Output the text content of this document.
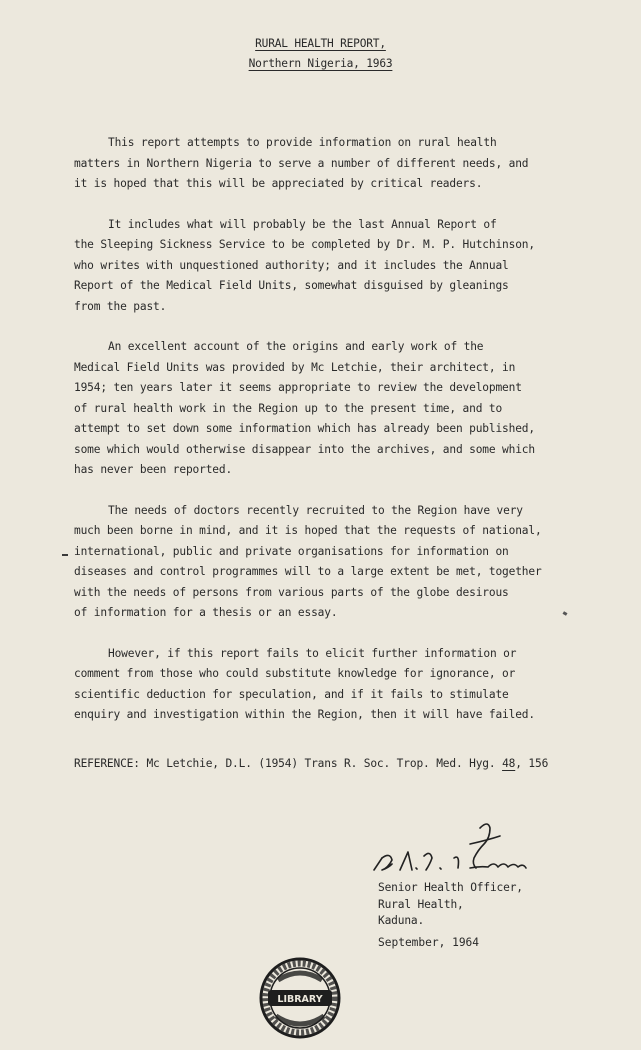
RURAL HEALTH REPORT,
Northern Nigeria, 1963
This report attempts to provide information on rural health
matters in Northern Nigeria to serve a number of different needs, and
it is hoped that this will be appreciated by critical readers.
It includes what will probably be the last Annual Report of
the Sleeping Sickness Service to be completed by Dr. M. P. Hutchinson,
who writes with unquestioned authority; and it includes the Annual
Report of the Medical Field Units, somewhat disguised by gleanings
from the past.
An excellent account of the origins and early work of the
Medical Field Units was provided by Mc Letchie, their architect, in
1954; ten years later it seems appropriate to review the development
of rural health work in the Region up to the present time, and to
attempt to set down some information which has already been published,
some which would otherwise disappear into the archives, and some which
has never been reported.
The needs of doctors recently recruited to the Region have very
much been borne in mind, and it is hoped that the requests of national,
international, public and private organisations for information on
diseases and control programmes will to a large extent be met, together
with the needs of persons from various parts of the globe desirous
of information for a thesis or an essay.
However, if this report fails to elicit further information or
comment from those who could substitute knowledge for ignorance, or
scientific deduction for speculation, and if it fails to stimulate
enquiry and investigation within the Region, then it will have failed.
REFERENCE: Mc Letchie, D.L. (1954) Trans R. Soc. Trop. Med. Hyg. 48, 156
Senior Health Officer,
Rural Health,
Kaduna.
September, 1964
LIBRARY
